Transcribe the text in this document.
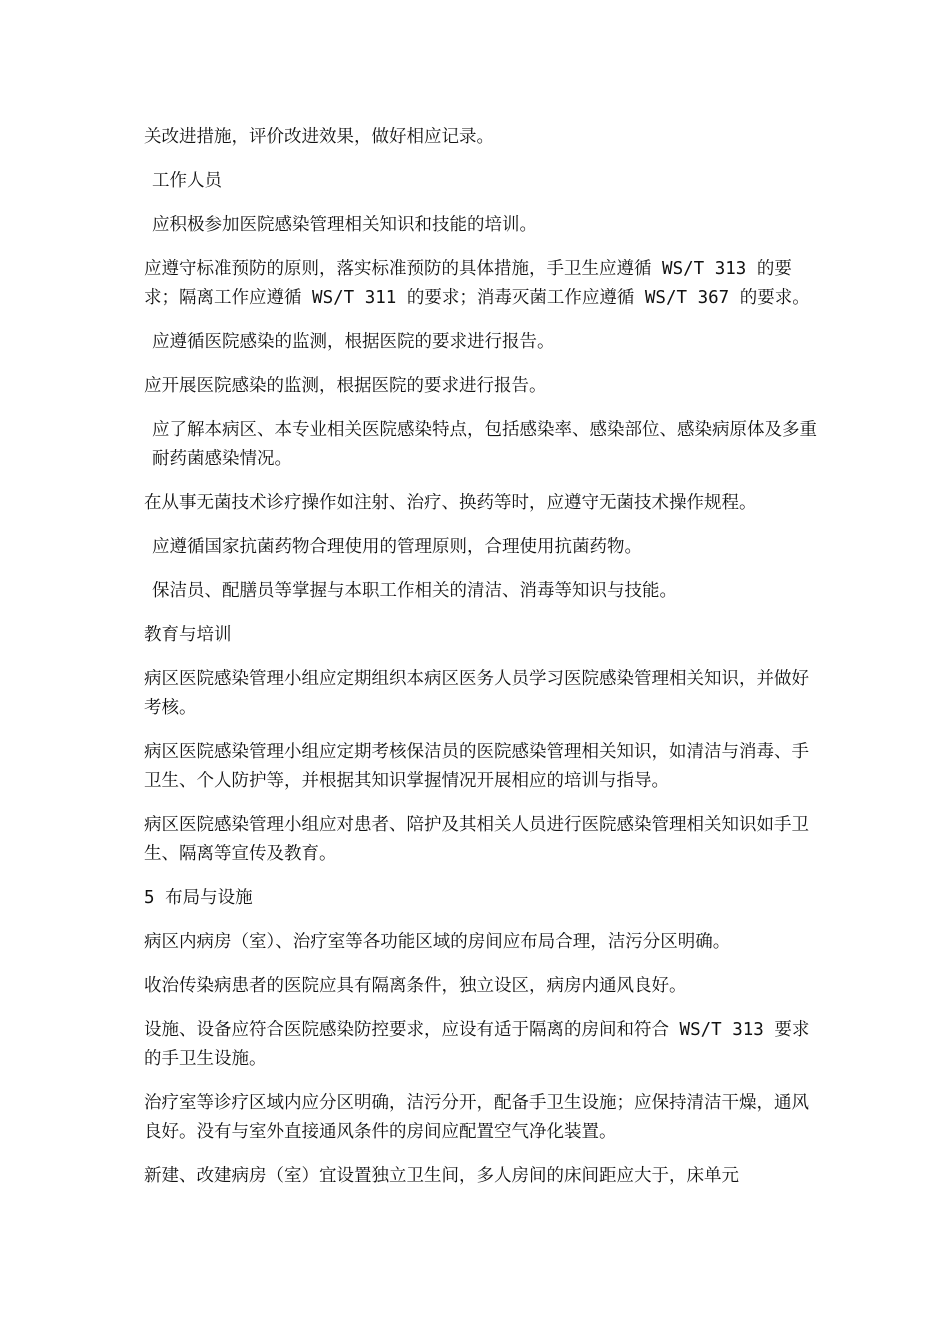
关改进措施，评价改进效果，做好相应记录。

工作人员

应积极参加医院感染管理相关知识和技能的培训。

应遵守标准预防的原则，落实标准预防的具体措施，手卫生应遵循 WS/T 313 的要求；隔离工作应遵循 WS/T 311 的要求；消毒灭菌工作应遵循 WS/T 367 的要求。

应遵循医院感染的监测，根据医院的要求进行报告。

应开展医院感染的监测，根据医院的要求进行报告。

应了解本病区、本专业相关医院感染特点，包括感染率、感染部位、感染病原体及多重耐药菌感染情况。

在从事无菌技术诊疗操作如注射、治疗、换药等时，应遵守无菌技术操作规程。

应遵循国家抗菌药物合理使用的管理原则，合理使用抗菌药物。

保洁员、配膳员等掌握与本职工作相关的清洁、消毒等知识与技能。

教育与培训

病区医院感染管理小组应定期组织本病区医务人员学习医院感染管理相关知识，并做好考核。

病区医院感染管理小组应定期考核保洁员的医院感染管理相关知识，如清洁与消毒、手卫生、个人防护等，并根据其知识掌握情况开展相应的培训与指导。

病区医院感染管理小组应对患者、陪护及其相关人员进行医院感染管理相关知识如手卫生、隔离等宣传及教育。

5 布局与设施

病区内病房（室）、治疗室等各功能区域的房间应布局合理，洁污分区明确。

收治传染病患者的医院应具有隔离条件，独立设区，病房内通风良好。

设施、设备应符合医院感染防控要求，应设有适于隔离的房间和符合 WS/T 313 要求的手卫生设施。

治疗室等诊疗区域内应分区明确，洁污分开，配备手卫生设施；应保持清洁干燥，通风良好。没有与室外直接通风条件的房间应配置空气净化装置。

新建、改建病房（室）宜设置独立卫生间，多人房间的床间距应大于，床单元
